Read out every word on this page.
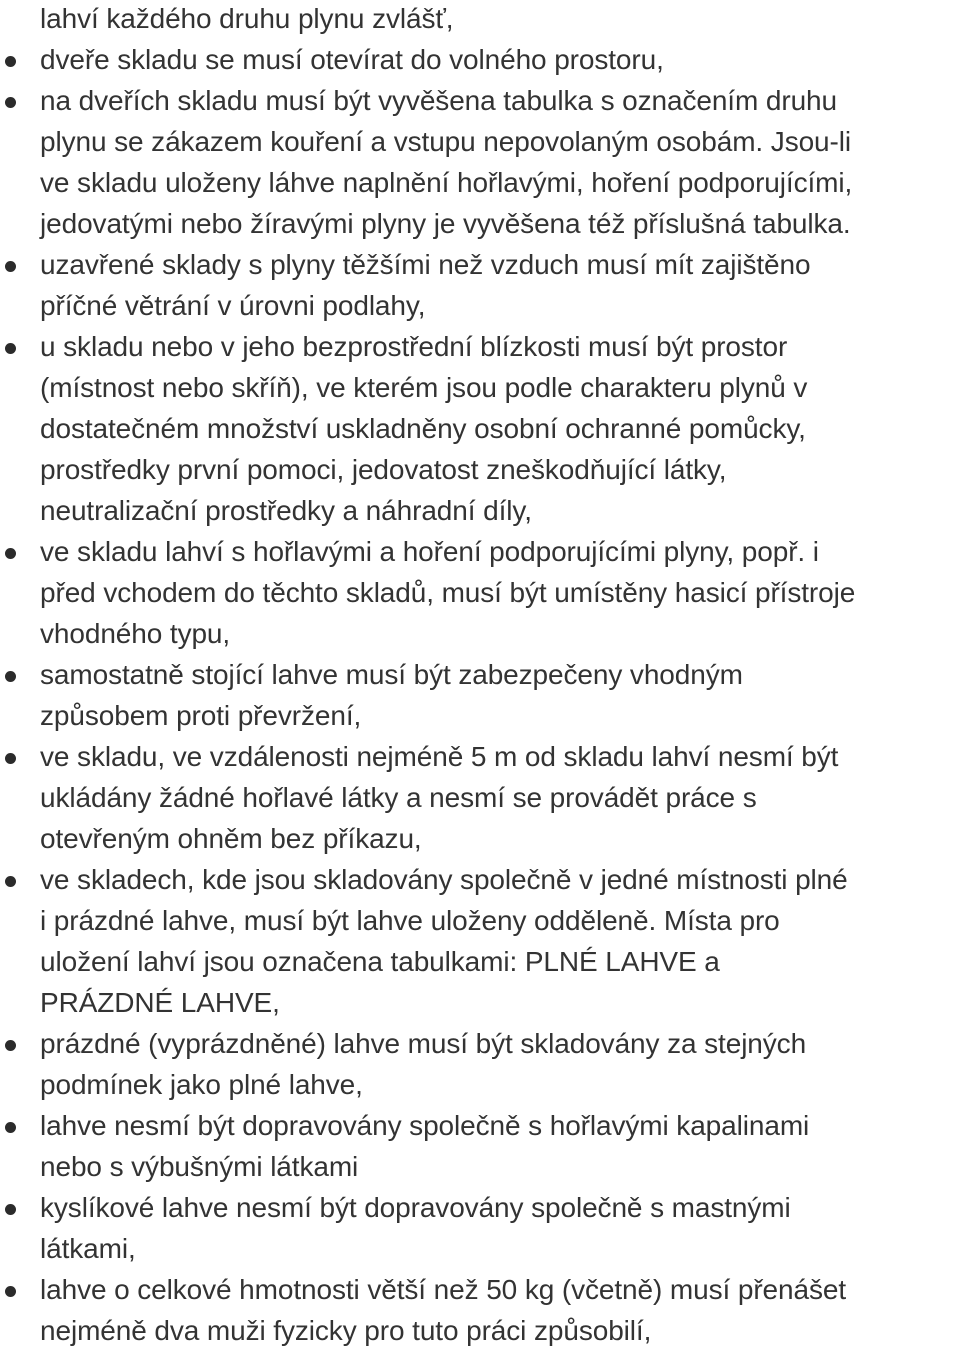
lahví každého druhu plynu zvlášť,
dveře skladu se musí otevírat do volného prostoru,
na dveřích skladu musí být vyvěšena tabulka s označením druhu
plynu se zákazem kouření a vstupu nepovolaným osobám. Jsou-li
ve skladu uloženy láhve naplnění hořlavými, hoření podporujícími,
jedovatými nebo žíravými plyny je vyvěšena též příslušná tabulka.
uzavřené sklady s plyny těžšími než vzduch musí mít zajištěno
příčné větrání v úrovni podlahy,
u skladu nebo v jeho bezprostřední blízkosti musí být prostor
(místnost nebo skříň), ve kterém jsou podle charakteru plynů v
dostatečném množství uskladněny osobní ochranné pomůcky,
prostředky první pomoci, jedovatost zneškodňující látky,
neutralizační prostředky a náhradní díly,
ve skladu lahví s hořlavými a hoření podporujícími plyny, popř. i
před vchodem do těchto skladů, musí být umístěny hasicí přístroje
vhodného typu,
samostatně stojící lahve musí být zabezpečeny vhodným
způsobem proti převržení,
ve skladu, ve vzdálenosti nejméně 5 m od skladu lahví nesmí být
ukládány žádné hořlavé látky a nesmí se provádět práce s
otevřeným ohněm bez příkazu,
ve skladech, kde jsou skladovány společně v jedné místnosti plné
i prázdné lahve, musí být lahve uloženy odděleně. Místa pro
uložení lahví jsou označena tabulkami: PLNÉ LAHVE a
PRÁZDNÉ LAHVE,
prázdné (vyprázdněné) lahve musí být skladovány za stejných
podmínek jako plné lahve,
lahve nesmí být dopravovány společně s hořlavými kapalinami
nebo s výbušnými látkami
kyslíkové lahve nesmí být dopravovány společně s mastnými
látkami,
lahve o celkové hmotnosti větší než 50 kg (včetně) musí přenášet
nejméně dva muži fyzicky pro tuto práci způsobilí,
